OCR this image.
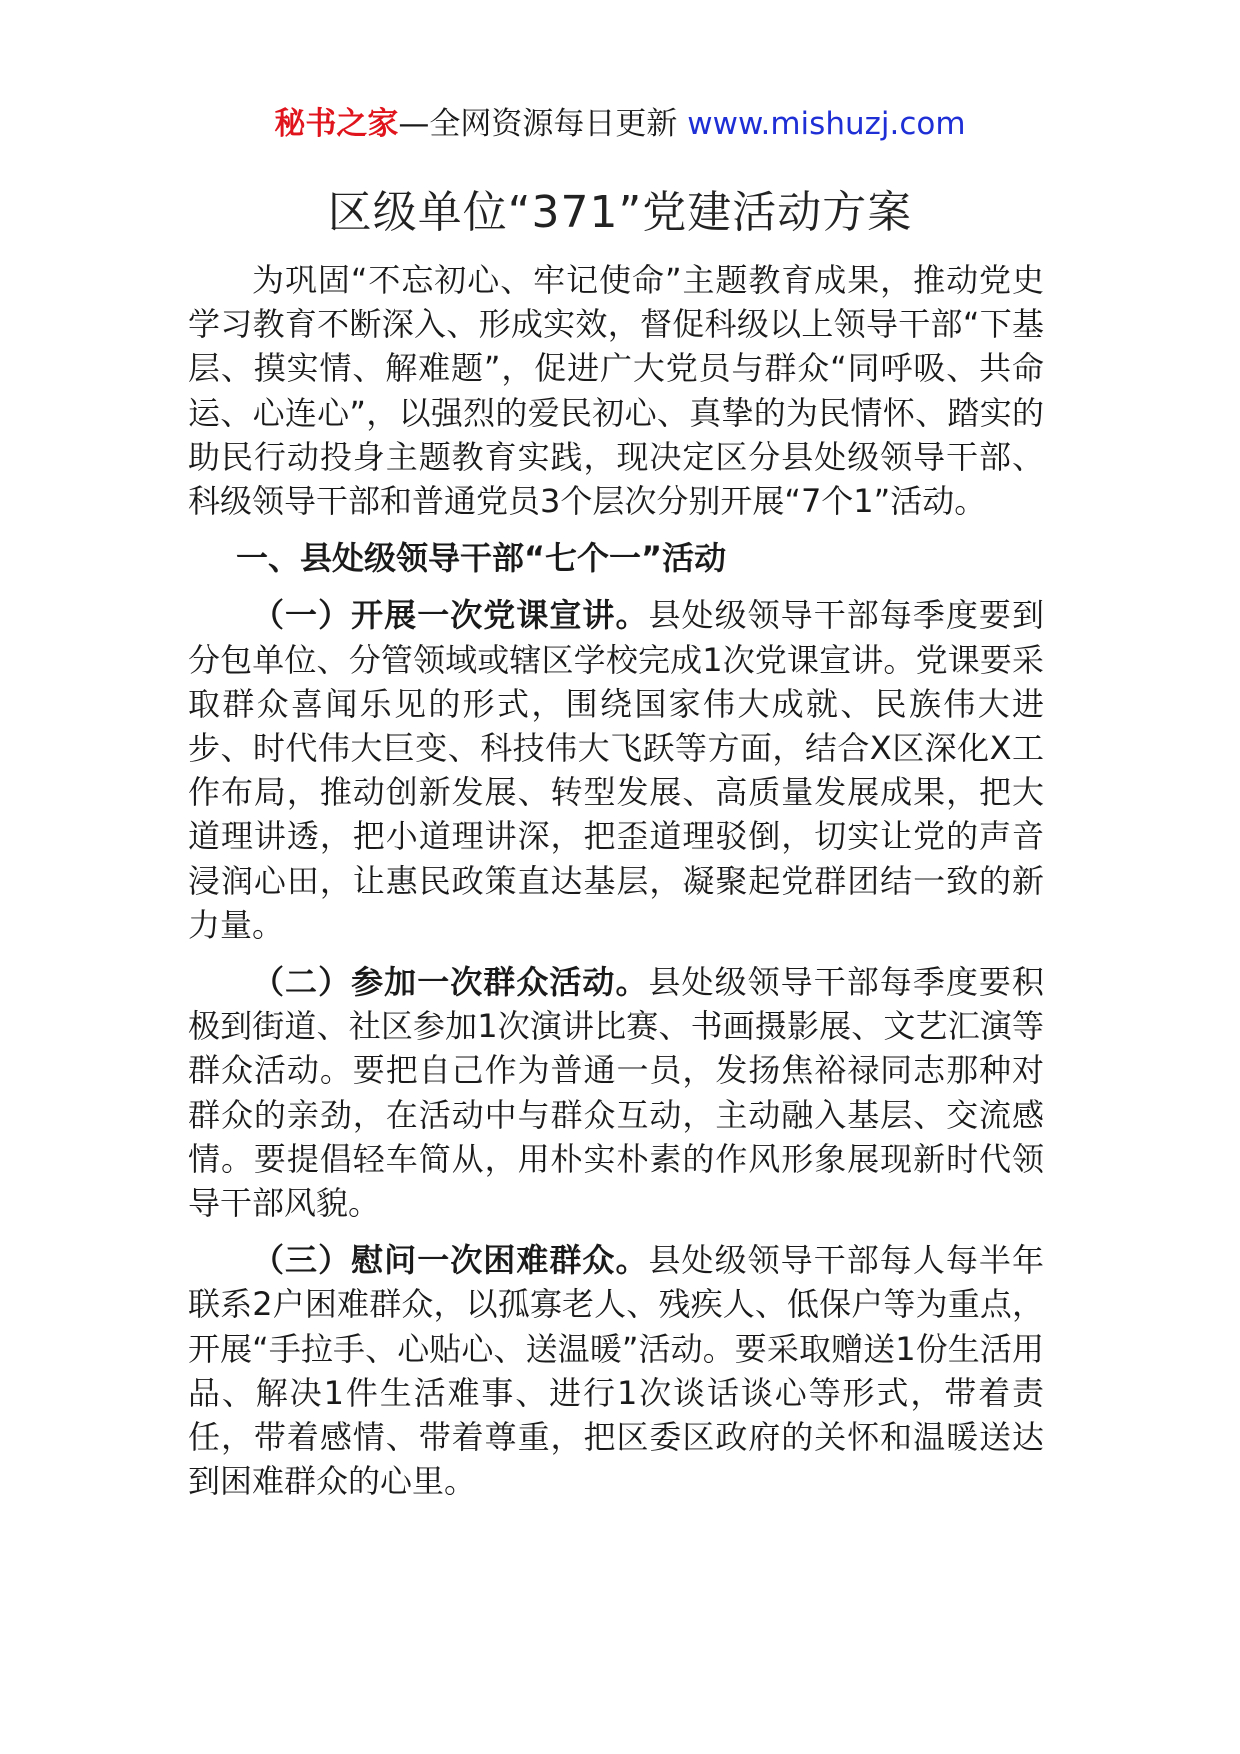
秘书之家—全网资源每日更新 www.mishuzj.com
区级单位“371”党建活动方案

为巩固“不忘初心、牢记使命”主题教育成果，推动党史学习教育不断深入、形成实效，督促科级以上领导干部“下基层、摸实情、解难题”，促进广大党员与群众“同呼吸、共命运、心连心”，以强烈的爱民初心、真挚的为民情怀、踏实的助民行动投身主题教育实践，现决定区分县处级领导干部、科级领导干部和普通党员3个层次分别开展“7个1”活动。

一、县处级领导干部“七个一”活动

（一）开展一次党课宣讲。县处级领导干部每季度要到分包单位、分管领域或辖区学校完成1次党课宣讲。党课要采取群众喜闻乐见的形式，围绕国家伟大成就、民族伟大进步、时代伟大巨变、科技伟大飞跃等方面，结合X区深化X工作布局，推动创新发展、转型发展、高质量发展成果，把大道理讲透，把小道理讲深，把歪道理驳倒，切实让党的声音浸润心田，让惠民政策直达基层，凝聚起党群团结一致的新力量。

（二）参加一次群众活动。县处级领导干部每季度要积极到街道、社区参加1次演讲比赛、书画摄影展、文艺汇演等群众活动。要把自己作为普通一员，发扬焦裕禄同志那种对群众的亲劲，在活动中与群众互动，主动融入基层、交流感情。要提倡轻车简从，用朴实朴素的作风形象展现新时代领导干部风貌。

（三）慰问一次困难群众。县处级领导干部每人每半年联系2户困难群众，以孤寡老人、残疾人、低保户等为重点，开展“手拉手、心贴心、送温暖”活动。要采取赠送1份生活用品、解决1件生活难事、进行1次谈话谈心等形式，带着责任，带着感情、带着尊重，把区委区政府的关怀和温暖送达到困难群众的心里。
